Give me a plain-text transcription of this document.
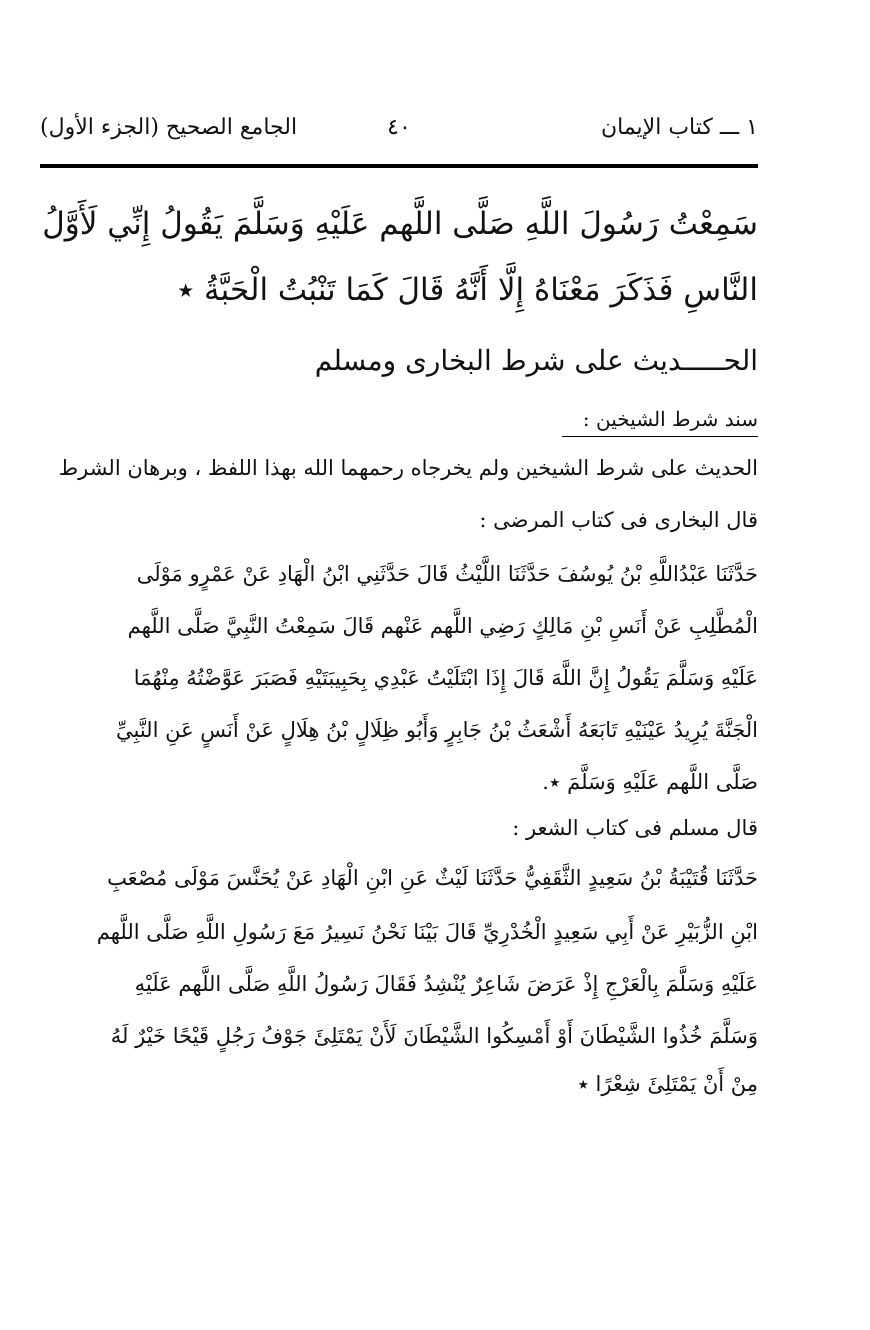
١ ـــ كتاب الإيمان
٤٠
الجامع الصحيح (الجزء الأول)
سَمِعْتُ رَسُولَ اللَّهِ صَلَّى اللَّهم عَلَيْهِ وَسَلَّمَ يَقُولُ إِنِّي لَأَوَّلُ
النَّاسِ فَذَكَرَ مَعْنَاهُ إِلَّا أَنَّهُ قَالَ كَمَا تَنْبُتُ الْحَبَّةُ ٭
الحـــــديث على شرط البخارى ومسلم
سند شرط الشيخين :
الحديث على شرط الشيخين ولم يخرجاه رحمهما الله بهذا اللفظ ، وبرهان الشرط
قال البخارى فى كتاب المرضى :
حَدَّثَنَا عَبْدُاللَّهِ بْنُ يُوسُفَ حَدَّثَنَا اللَّيْثُ قَالَ حَدَّثَنِي ابْنُ الْهَادِ عَنْ عَمْرٍو مَوْلَى
الْمُطَّلِبِ عَنْ أَنَسِ بْنِ مَالِكٍ رَضِي اللَّهم عَنْهم قَالَ سَمِعْتُ النَّبِيَّ صَلَّى اللَّهم
عَلَيْهِ وَسَلَّمَ يَقُولُ إِنَّ اللَّهَ قَالَ إِذَا ابْتَلَيْتُ عَبْدِي بِحَبِيبَتَيْهِ فَصَبَرَ عَوَّضْتُهُ مِنْهُمَا
الْجَنَّةَ يُرِيدُ عَيْنَيْهِ تَابَعَهُ أَشْعَثُ بْنُ جَابِرٍ وَأَبُو ظِلَالٍ بْنُ هِلَالٍ عَنْ أَنَسٍ عَنِ النَّبِيِّ
صَلَّى اللَّهم عَلَيْهِ وَسَلَّمَ ٭.
قال مسلم فى كتاب الشعر :
حَدَّثَنَا قُتَيْبَةُ بْنُ سَعِيدٍ الثَّقَفِيُّ حَدَّثَنَا لَيْثٌ عَنِ ابْنِ الْهَادِ عَنْ يُحَنَّسَ مَوْلَى مُصْعَبِ
ابْنِ الزُّبَيْرِ عَنْ أَبِي سَعِيدٍ الْخُدْرِيِّ قَالَ بَيْنَا نَحْنُ نَسِيرُ مَعَ رَسُولِ اللَّهِ صَلَّى اللَّهم
عَلَيْهِ وَسَلَّمَ بِالْعَرْجِ إِذْ عَرَضَ شَاعِرٌ يُنْشِدُ فَقَالَ رَسُولُ اللَّهِ صَلَّى اللَّهم عَلَيْهِ
وَسَلَّمَ خُذُوا الشَّيْطَانَ أَوْ أَمْسِكُوا الشَّيْطَانَ لَأَنْ يَمْتَلِئَ جَوْفُ رَجُلٍ قَيْحًا خَيْرٌ لَهُ
مِنْ أَنْ يَمْتَلِئَ شِعْرًا ٭
